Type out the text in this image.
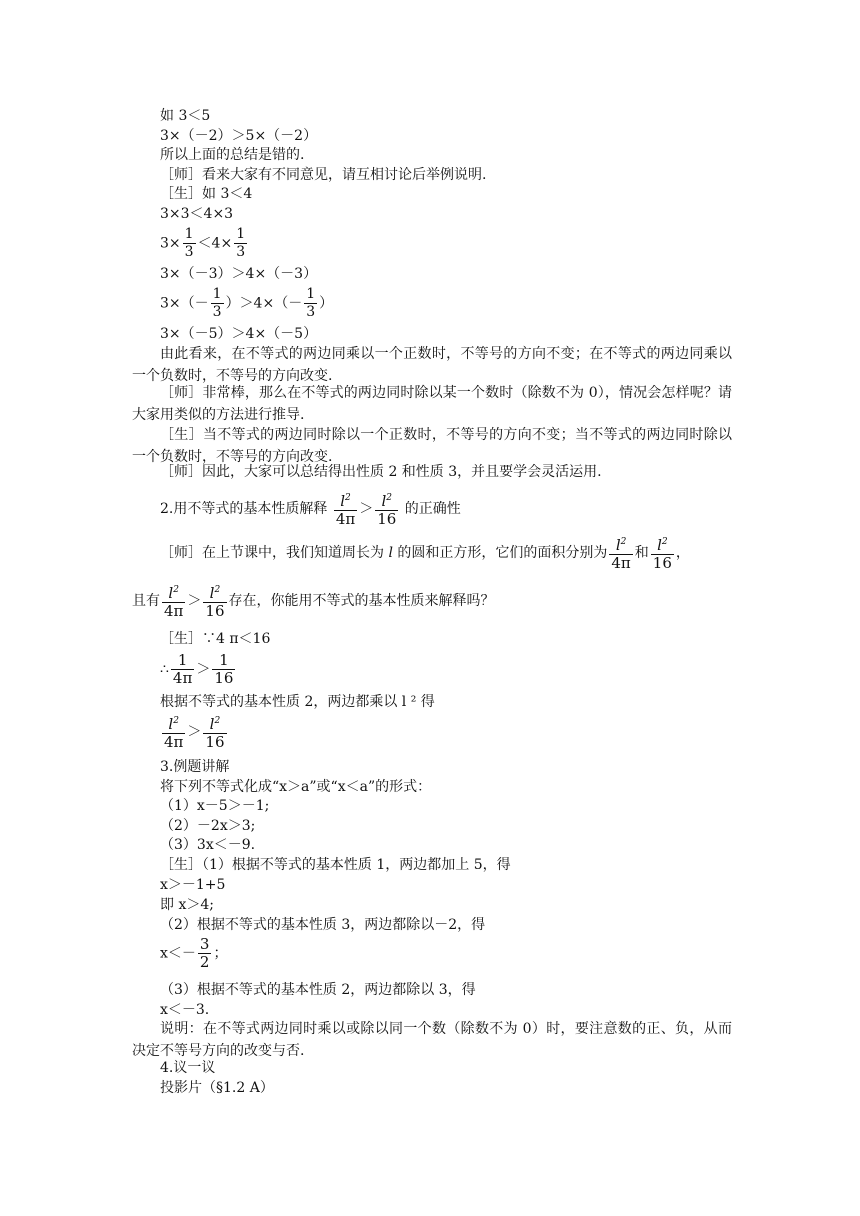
如 3＜5
3×（－2）＞5×（－2）
所以上面的总结是错的.
［师］看来大家有不同意见，请互相讨论后举例说明.
［生］如 3＜4
3×3＜4×3
$3\times \frac{1}{3} <4\times \frac{1}{3}$
3×（－3）＞4×（－3）
$3\times(- \frac{1}{3} )>4\times(- \frac{1}{3}$ ）
3×（－5）＞4×（－5）
由此看来，在不等式的两边同乘以一个正数时，不等号的方向不变；在不等式的两边同乘以一个负数时，不等号的方向改变.
［师］非常棒，那么在不等式的两边同时除以某一个数时（除数不为 0），情况会怎样呢？请大家用类似的方法进行推导.
［生］当不等式的两边同时除以一个正数时，不等号的方向不变；当不等式的两边同时除以一个负数时，不等号的方向改变.
［师］因此，大家可以总结得出性质 2 和性质 3，并且要学会灵活运用.
2.用不等式的基本性质解释 $\frac{l^2}{4\pi} > \frac{l^2}{16}$ 的正确性
［师］在上节课中，我们知道周长为 l 的圆和正方形，它们的面积分别为 $\frac{l^2}{4\pi}$ 和 $\frac{l^2}{16}$ ，
且有 $\frac{l^2}{4\pi} > \frac{l^2}{16}$ 存在，你能用不等式的基本性质来解释吗？
［生］∵4 π＜16
∴ $\frac{1}{4\pi} > \frac{1}{16}$
根据不等式的基本性质 2，两边都乘以 l ² 得
$\frac{l^2}{4\pi} > \frac{l^2}{16}$
3.例题讲解
将下列不等式化成“x＞a”或“x＜a”的形式：
（1）x－5＞－1;
（2）－2x＞3;
（3）3x＜－9.
［生］（1）根据不等式的基本性质 1，两边都加上 5，得
x＞－1+5
即 x＞4;
（2）根据不等式的基本性质 3，两边都除以－2，得
$x<- \frac{3}{2}$ ；
（3）根据不等式的基本性质 2，两边都除以 3，得
x＜－3.
说明：在不等式两边同时乘以或除以同一个数（除数不为 0）时，要注意数的正、负，从而决定不等号方向的改变与否.
4.议一议
投影片（§1.2 A）
